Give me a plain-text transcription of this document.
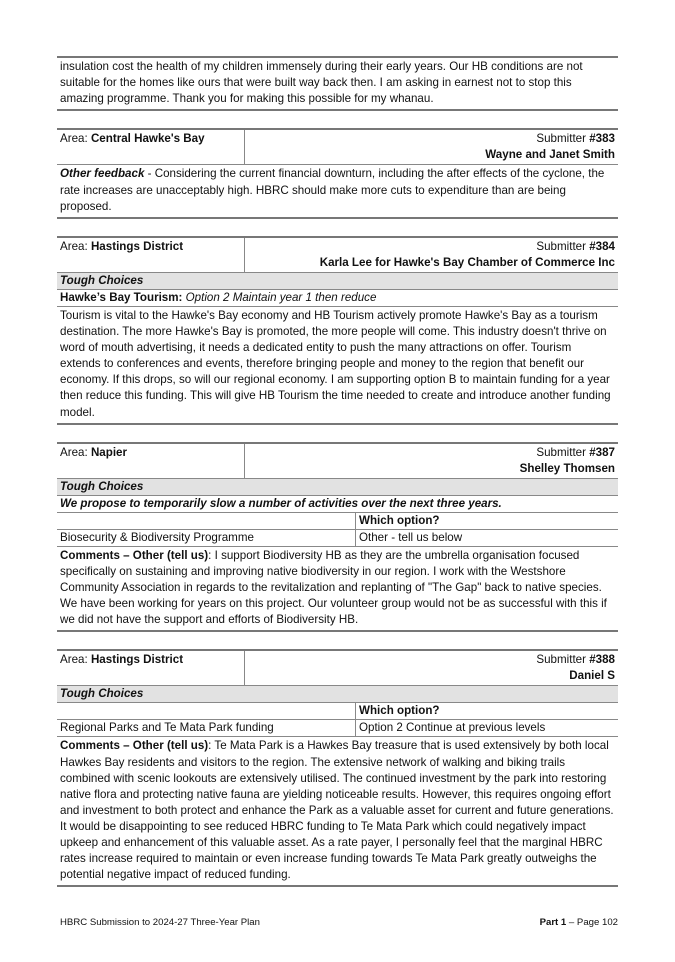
insulation cost the health of my children immensely during their early years. Our HB conditions are not suitable for the homes like ours that were built way back then. I am asking in earnest not to stop this amazing programme. Thank you for making this possible for my whanau.
Area: Central Hawke's Bay	Submitter #383
Wayne and Janet Smith
Other feedback - Considering the current financial downturn, including the after effects of the cyclone, the rate increases are unacceptably high. HBRC should make more cuts to expenditure than are being proposed.
Area: Hastings District	Submitter #384
Karla Lee for Hawke's Bay Chamber of Commerce Inc
Tough Choices
Hawke’s Bay Tourism: Option 2 Maintain year 1 then reduce
Tourism is vital to the Hawke's Bay economy and HB Tourism actively promote Hawke's Bay as a tourism destination. The more Hawke's Bay is promoted, the more people will come. This industry doesn't thrive on word of mouth advertising, it needs a dedicated entity to push the many attractions on offer. Tourism extends to conferences and events, therefore bringing people and money to the region that benefit our economy. If this drops, so will our regional economy. I am supporting option B to maintain funding for a year then reduce this funding. This will give HB Tourism the time needed to create and introduce another funding model.
Area: Napier	Submitter #387
Shelley Thomsen
Tough Choices
We propose to temporarily slow a number of activities over the next three years.
Which option?
Biosecurity & Biodiversity Programme	Other - tell us below
Comments – Other (tell us): I support Biodiversity HB as they are the umbrella organisation focused specifically on sustaining and improving native biodiversity in our region. I work with the Westshore Community Association in regards to the revitalization and replanting of "The Gap" back to native species. We have been working for years on this project. Our volunteer group would not be as successful with this if we did not have the support and efforts of Biodiversity HB.
Area: Hastings District	Submitter #388
Daniel S
Tough Choices
Which option?
Regional Parks and Te Mata Park funding	Option 2 Continue at previous levels
Comments – Other (tell us): Te Mata Park is a Hawkes Bay treasure that is used extensively by both local Hawkes Bay residents and visitors to the region. The extensive network of walking and biking trails combined with scenic lookouts are extensively utilised. The continued investment by the park into restoring native flora and protecting native fauna are yielding noticeable results. However, this requires ongoing effort and investment to both protect and enhance the Park as a valuable asset for current and future generations. It would be disappointing to see reduced HBRC funding to Te Mata Park which could negatively impact upkeep and enhancement of this valuable asset. As a rate payer, I personally feel that the marginal HBRC rates increase required to maintain or even increase funding towards Te Mata Park greatly outweighs the potential negative impact of reduced funding.
HBRC Submission to 2024-27 Three-Year Plan	Part 1 – Page 102
